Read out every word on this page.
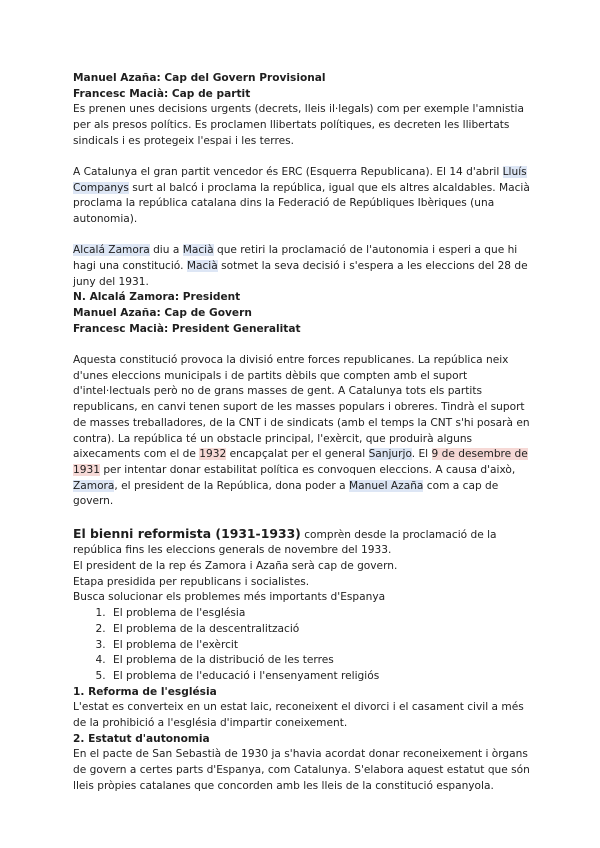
Manuel Azaña: Cap del Govern Provisional

Francesc Macià: Cap de partit

Es prenen unes decisions urgents (decrets, lleis il·legals) com per exemple l'amnistia per als presos polítics. Es proclamen llibertats polítiques, es decreten les llibertats sindicals i es protegeix l'espai i les terres.

A Catalunya el gran partit vencedor és ERC (Esquerra Republicana). El 14 d'abril Lluís Companys surt al balcó i proclama la república, igual que els altres alcaldables. Macià proclama la república catalana dins la Federació de Repúbliques Ibèriques (una autonomia).

Alcalá Zamora diu a Macià que retiri la proclamació de l'autonomia i esperi a que hi hagi una constitució. Macià sotmet la seva decisió i s'espera a les eleccions del 28 de juny del 1931.

N. Alcalá Zamora: President

Manuel Azaña: Cap de Govern

Francesc Macià: President Generalitat

Aquesta constitució provoca la divisió entre forces republicanes. La república neix d'unes eleccions municipals i de partits dèbils que compten amb el suport d'intel·lectuals però no de grans masses de gent. A Catalunya tots els partits republicans, en canvi tenen suport de les masses populars i obreres. Tindrà el suport de masses treballadores, de la CNT i de sindicats (amb el temps la CNT s'hi posarà en contra). La república té un obstacle principal, l'exèrcit, que produirà alguns aixecaments com el de 1932 encapçalat per el general Sanjurjo. El 9 de desembre de 1931 per intentar donar estabilitat política es convoquen eleccions. A causa d'això, Zamora, el president de la República, dona poder a Manuel Azaña com a cap de govern.

El bienni reformista (1931-1933) comprèn desde la proclamació de la república fins les eleccions generals de novembre del 1933.

El president de la rep és Zamora i Azaña serà cap de govern.

Etapa presidida per republicans i socialistes.

Busca solucionar els problemes més importants d'Espanya

1. El problema de l'església
2. El problema de la descentralització
3. El problema de l'exèrcit
4. El problema de la distribució de les terres
5. El problema de l'educació i l'ensenyament religiós

1. Reforma de l'església

L'estat es converteix en un estat laic, reconeixent el divorci i el casament civil a més de la prohibició a l'església d'impartir coneixement.

2. Estatut d'autonomia

En el pacte de San Sebastià de 1930 ja s'havia acordat donar reconeixement i òrgans de govern a certes parts d'Espanya, com Catalunya. S'elabora aquest estatut que són lleis pròpies catalanes que concorden amb les lleis de la constitució espanyola.
